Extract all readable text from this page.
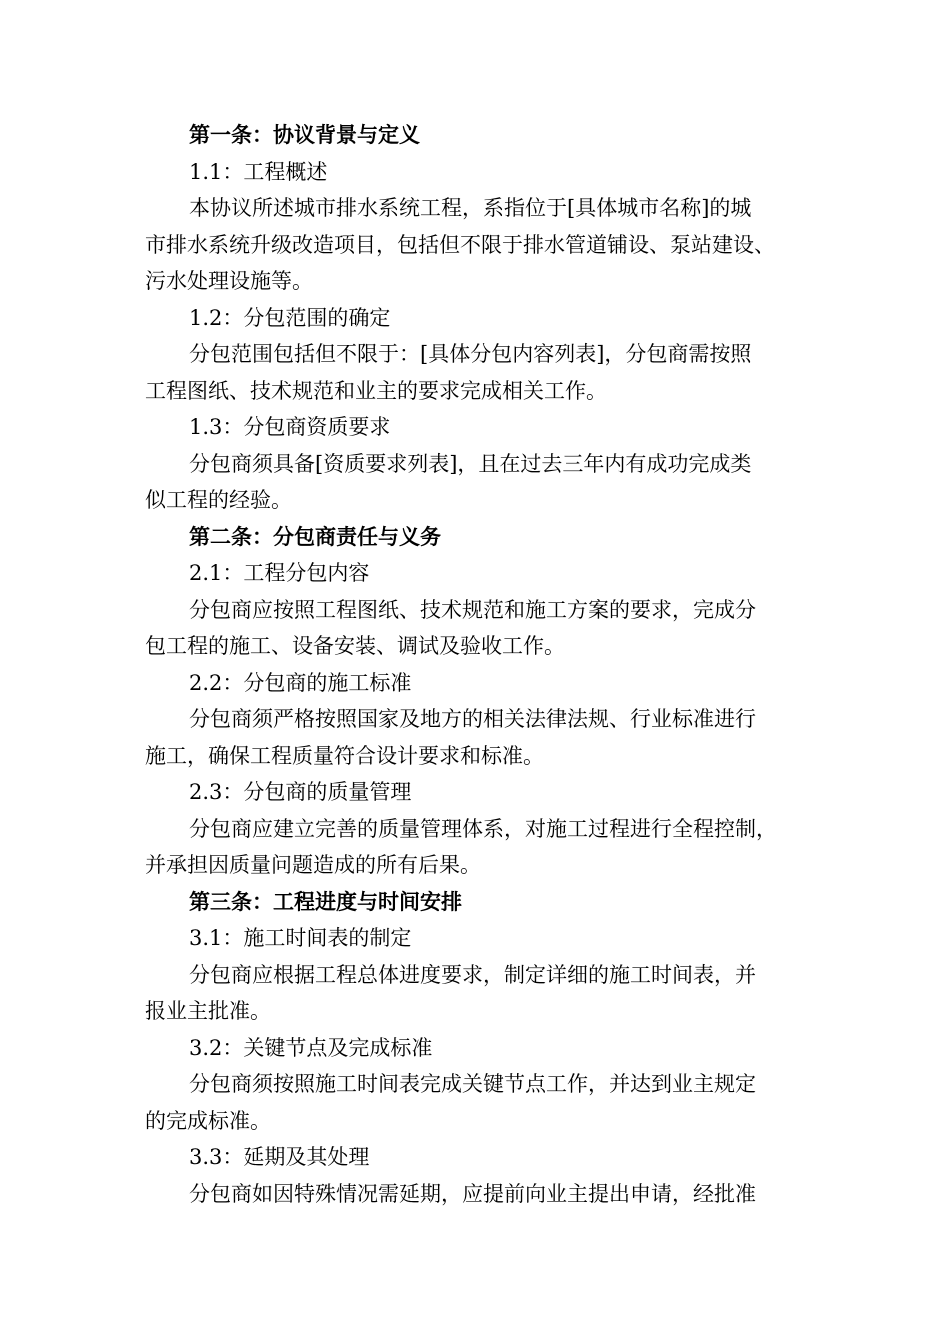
第一条：协议背景与定义
1.1：工程概述
本协议所述城市排水系统工程，系指位于[具体城市名称]的城
市排水系统升级改造项目，包括但不限于排水管道铺设、泵站建设、
污水处理设施等。
1.2：分包范围的确定
分包范围包括但不限于：[具体分包内容列表]，分包商需按照
工程图纸、技术规范和业主的要求完成相关工作。
1.3：分包商资质要求
分包商须具备[资质要求列表]，且在过去三年内有成功完成类
似工程的经验。
第二条：分包商责任与义务
2.1：工程分包内容
分包商应按照工程图纸、技术规范和施工方案的要求，完成分
包工程的施工、设备安装、调试及验收工作。
2.2：分包商的施工标准
分包商须严格按照国家及地方的相关法律法规、行业标准进行
施工，确保工程质量符合设计要求和标准。
2.3：分包商的质量管理
分包商应建立完善的质量管理体系，对施工过程进行全程控制，
并承担因质量问题造成的所有后果。
第三条：工程进度与时间安排
3.1：施工时间表的制定
分包商应根据工程总体进度要求，制定详细的施工时间表，并
报业主批准。
3.2：关键节点及完成标准
分包商须按照施工时间表完成关键节点工作，并达到业主规定
的完成标准。
3.3：延期及其处理
分包商如因特殊情况需延期，应提前向业主提出申请，经批准
